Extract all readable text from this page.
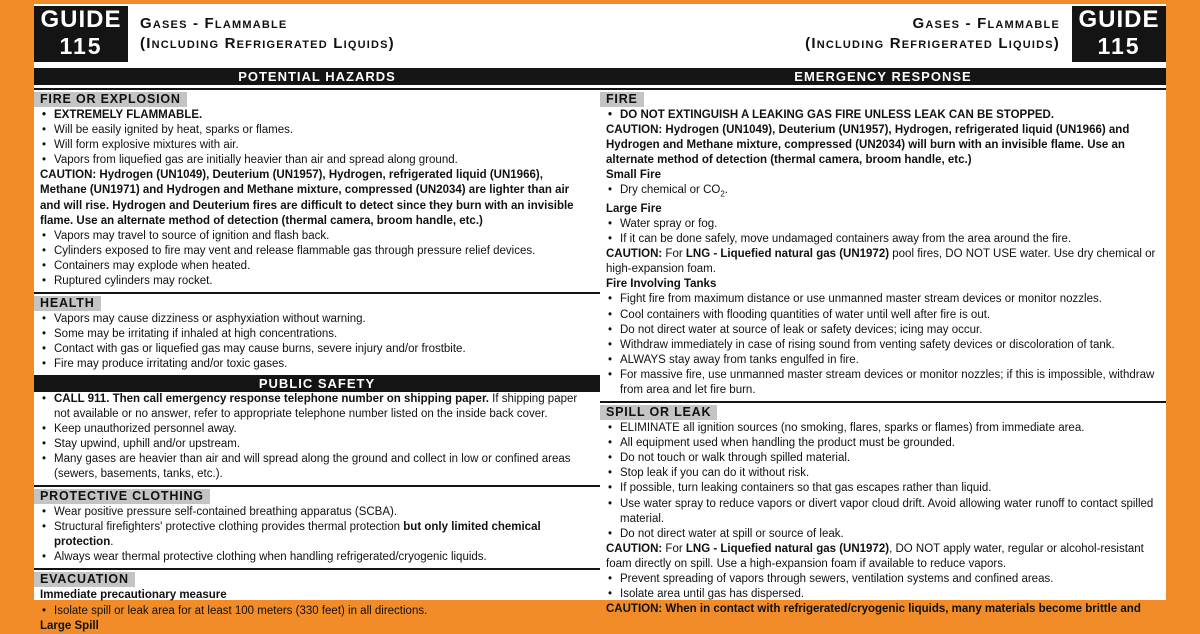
GUIDE
115
Gases - Flammable
(Including Refrigerated Liquids)
POTENTIAL HAZARDS
FIRE OR EXPLOSION
• EXTREMELY FLAMMABLE.
• Will be easily ignited by heat, sparks or flames.
• Will form explosive mixtures with air.
• Vapors from liquefied gas are initially heavier than air and spread along ground.
CAUTION: Hydrogen (UN1049), Deuterium (UN1957), Hydrogen, refrigerated liquid (UN1966), Methane (UN1971) and Hydrogen and Methane mixture, compressed (UN2034) are lighter than air and will rise. Hydrogen and Deuterium fires are difficult to detect since they burn with an invisible flame. Use an alternate method of detection (thermal camera, broom handle, etc.)
• Vapors may travel to source of ignition and flash back.
• Cylinders exposed to fire may vent and release flammable gas through pressure relief devices.
• Containers may explode when heated.
• Ruptured cylinders may rocket.
HEALTH
• Vapors may cause dizziness or asphyxiation without warning.
• Some may be irritating if inhaled at high concentrations.
• Contact with gas or liquefied gas may cause burns, severe injury and/or frostbite.
• Fire may produce irritating and/or toxic gases.
PUBLIC SAFETY
• CALL 911. Then call emergency response telephone number on shipping paper. If shipping paper not available or no answer, refer to appropriate telephone number listed on the inside back cover.
• Keep unauthorized personnel away.
• Stay upwind, uphill and/or upstream.
• Many gases are heavier than air and will spread along the ground and collect in low or confined areas (sewers, basements, tanks, etc.).
PROTECTIVE CLOTHING
• Wear positive pressure self-contained breathing apparatus (SCBA).
• Structural firefighters' protective clothing provides thermal protection but only limited chemical protection.
• Always wear thermal protective clothing when handling refrigerated/cryogenic liquids.
EVACUATION
Immediate precautionary measure
• Isolate spill or leak area for at least 100 meters (330 feet) in all directions.
Large Spill
Gases - Flammable
(Including Refrigerated Liquids)
GUIDE
115
EMERGENCY RESPONSE
FIRE
• DO NOT EXTINGUISH A LEAKING GAS FIRE UNLESS LEAK CAN BE STOPPED.
CAUTION: Hydrogen (UN1049), Deuterium (UN1957), Hydrogen, refrigerated liquid (UN1966) and Hydrogen and Methane mixture, compressed (UN2034) will burn with an invisible flame. Use an alternate method of detection (thermal camera, broom handle, etc.)
Small Fire
• Dry chemical or $CO_2$.
Large Fire
• Water spray or fog.
• If it can be done safely, move undamaged containers away from the area around the fire.
CAUTION: For LNG - Liquefied natural gas (UN1972) pool fires, DO NOT USE water. Use dry chemical or high-expansion foam.
Fire Involving Tanks
• Fight fire from maximum distance or use unmanned master stream devices or monitor nozzles.
• Cool containers with flooding quantities of water until well after fire is out.
• Do not direct water at source of leak or safety devices; icing may occur.
• Withdraw immediately in case of rising sound from venting safety devices or discoloration of tank.
• ALWAYS stay away from tanks engulfed in fire.
• For massive fire, use unmanned master stream devices or monitor nozzles; if this is impossible, withdraw from area and let fire burn.
SPILL OR LEAK
• ELIMINATE all ignition sources (no smoking, flares, sparks or flames) from immediate area.
• All equipment used when handling the product must be grounded.
• Do not touch or walk through spilled material.
• Stop leak if you can do it without risk.
• If possible, turn leaking containers so that gas escapes rather than liquid.
• Use water spray to reduce vapors or divert vapor cloud drift. Avoid allowing water runoff to contact spilled material.
• Do not direct water at spill or source of leak.
CAUTION: For LNG - Liquefied natural gas (UN1972), DO NOT apply water, regular or alcohol-resistant foam directly on spill. Use a high-expansion foam if available to reduce vapors.
• Prevent spreading of vapors through sewers, ventilation systems and confined areas.
• Isolate area until gas has dispersed.
CAUTION: When in contact with refrigerated/cryogenic liquids, many materials become brittle and
